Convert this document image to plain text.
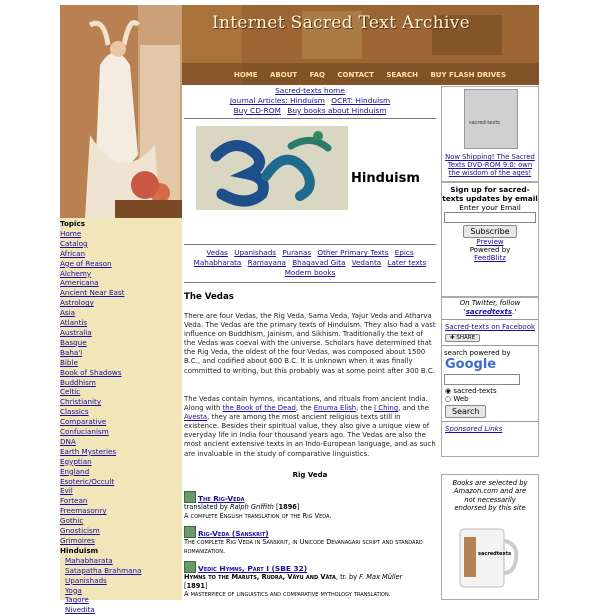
Topics
Home
Catalog
African
Age of Reason
Alchemy
Americana
Ancient Near East
Astrology
Asia
Atlantis
Australia
Basque
Baha'i
Bible
Book of Shadows
Buddhism
Celtic
Christianity
Classics
Comparative
Confucianism
DNA
Earth Mysteries
Egyptian
England
Esoteric/Occult
Evil
Fortean
Freemasonry
Gothic
Gnosticism
Grimoires
Hinduism
Mahabharata
Satapatha Brahmana
Upanishads
Yoga
Tagore
Nivedita
Internet Sacred Text Archive
HOME ABOUT FAQ CONTACT SEARCH BUY FLASH DRIVES
Sacred-texts home
Journal Articles: Hinduism OCRT: Hinduism
Buy CD-ROM Buy books about Hinduism
Hinduism
Vedas Upanishads Puranas Other Primary Texts Epics Mahabharata Ramayana Bhagavad Gita Vedanta Later texts Modern books
The Vedas
There are four Vedas, the Rig Veda, Sama Veda, Yajur Veda and Atharva Veda. The Vedas are the primary texts of Hinduism. They also had a vast influence on Buddhism, Jainism, and Sikhism. Traditionally the text of the Vedas was coeval with the universe. Scholars have determined that the Rig Veda, the oldest of the four Vedas, was composed about 1500 B.C., and codified about 600 B.C. It is unknown when it was finally committed to writing, but this probably was at some point after 300 B.C.
The Vedas contain hymns, incantations, and rituals from ancient India. Along with the Book of the Dead, the Enuma Elish, the I Ching, and the Avesta, they are among the most ancient religious texts still in existence. Besides their spiritual value, they also give a unique view of everyday life in India four thousand years ago. The Vedas are also the most ancient extensive texts in an Indo-European language, and as such are invaluable in the study of comparative linguistics.
Rig Veda
The Rig-Veda
translated by Ralph Griffith [1896]
A complete English translation of the Rig Veda.
Rig-Veda (Sanskrit)
The complete Rig Veda in Sanskrit, in Unicode Devanagari script and standard romanization.
Vedic Hymns, Part I (SBE 32)
Hymns to the Maruts, Rudra, Vâyu and Vâta, tr. by F. Max Müller
[1891]
A masterpiece of linguistics and comparative mythology translation.
sacred-texts
Now Shipping! The Sacred Texts DVD-ROM 9.0: own the wisdom of the ages!
Sign up for sacred-texts updates by email
Enter your Email
Subscribe
Preview
Powered by
FeedBlitz
On Twitter, follow 'sacredtexts.'
Sacred-texts on Facebook
✚ SHARE
search powered by
Google
◉ sacred-texts
○ Web
Search
Sponsored Links
Books are selected by Amazon.com and are not necessarily endorsed by this site
sacredtexts
